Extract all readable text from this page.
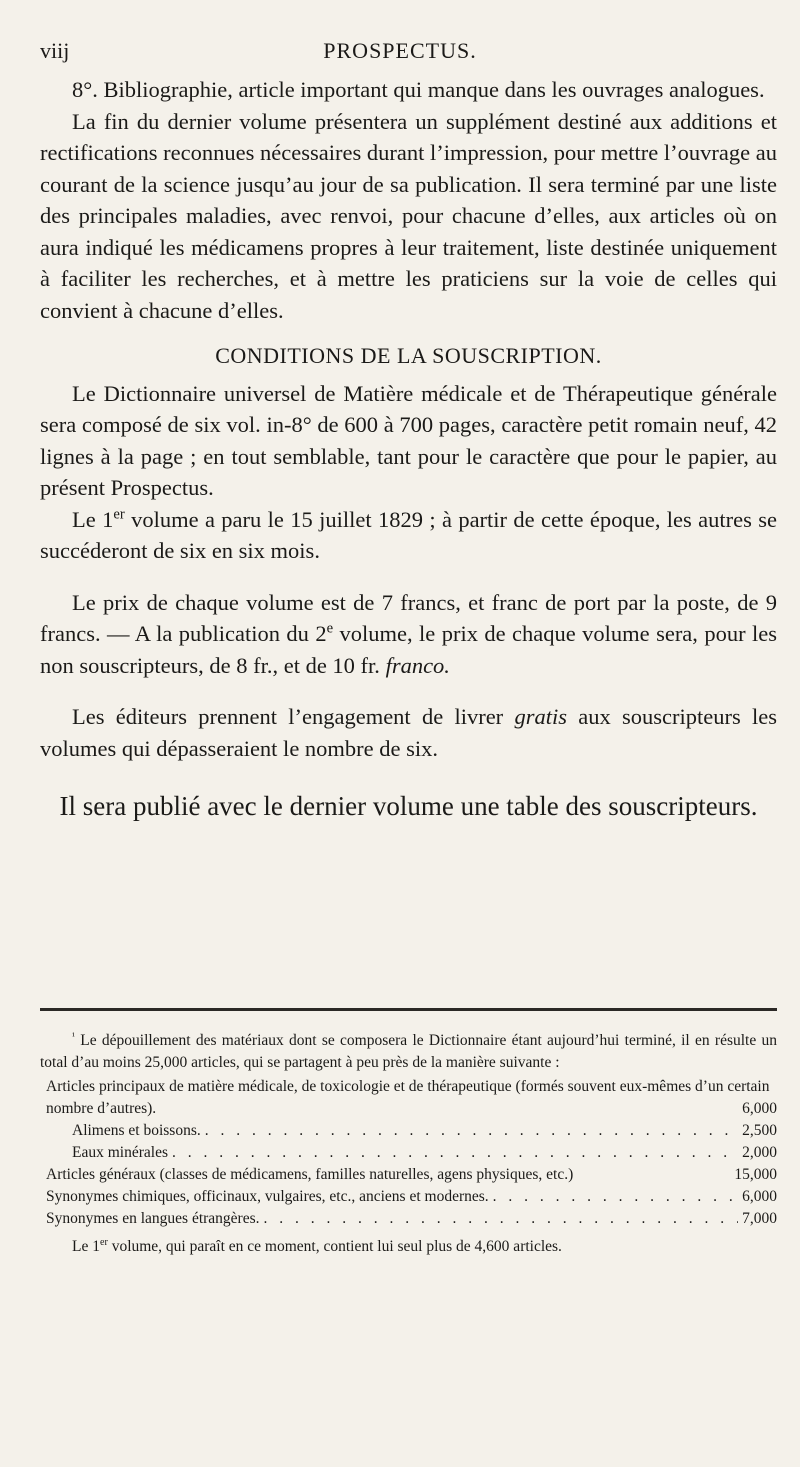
viij	PROSPECTUS.

8°. Bibliographie, article important qui manque dans les ouvrages analogues.

La fin du dernier volume présentera un supplément destiné aux additions et rectifications reconnues nécessaires durant l’impression, pour mettre l’ouvrage au courant de la science jusqu’au jour de sa publication. Il sera terminé par une liste des principales maladies, avec renvoi, pour chacune d’elles, aux articles où on aura indiqué les médicamens propres à leur traitement, liste destinée uniquement à faciliter les recherches, et à mettre les praticiens sur la voie de celles qui convient à chacune d’elles.

CONDITIONS DE LA SOUSCRIPTION.

Le Dictionnaire universel de Matière médicale et de Thérapeutique générale sera composé de six vol. in-8° de 600 à 700 pages, caractère petit romain neuf, 42 lignes à la page ; en tout semblable, tant pour le caractère que pour le papier, au présent Prospectus.

Le 1er volume a paru le 15 juillet 1829 ; à partir de cette époque, les autres se succéderont de six en six mois.

Le prix de chaque volume est de 7 francs, et franc de port par la poste, de 9 francs. — A la publication du 2e volume, le prix de chaque volume sera, pour les non souscripteurs, de 8 fr., et de 10 fr. franco.

Les éditeurs prennent l’engagement de livrer gratis aux souscripteurs les volumes qui dépasseraient le nombre de six.

Il sera publié avec le dernier volume une table des souscripteurs.

$^{^1}$ Le dépouillement des matériaux dont se composera le Dictionnaire étant aujourd’hui terminé, il en résulte un total d’au moins 25,000 articles, qui se partagent à peu près de la manière suivante :

Articles principaux de matière médicale, de toxicologie et de thérapeutique (formés souvent eux-mêmes d’un certain nombre d’autres).	6,000
Alimens et boissons. . . .	2,500
Eaux minérales . . .	2,000
Articles généraux (classes de médicamens, familles naturelles, agens physiques, etc.)	15,000
Synonymes chimiques, officinaux, vulgaires, etc., anciens et modernes. . . .	6,000
Synonymes en langues étrangères. . . .	7,000

Le 1er volume, qui paraît en ce moment, contient lui seul plus de 4,600 articles.
